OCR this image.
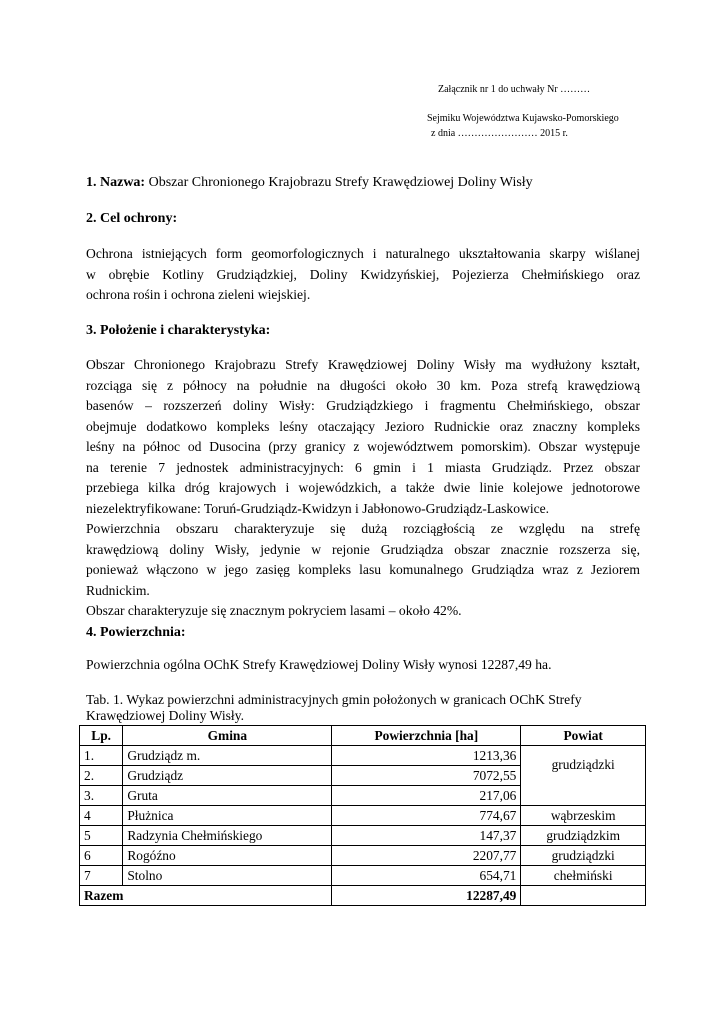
Załącznik nr 1 do uchwały Nr ………
Sejmiku Województwa Kujawsko-Pomorskiego
z dnia …………………… 2015 r.
1. Nazwa: Obszar Chronionego Krajobrazu Strefy Krawędziowej Doliny Wisły
2. Cel ochrony:
Ochrona istniejących form geomorfologicznych i naturalnego ukształtowania skarpy wiślanej
w obrębie Kotliny Grudziądzkiej, Doliny Kwidzyńskiej, Pojezierza Chełmińskiego oraz
ochrona rośin i ochrona zieleni wiejskiej.
3. Położenie i charakterystyka:
Obszar Chronionego Krajobrazu Strefy Krawędziowej Doliny Wisły ma wydłużony kształt,
rozciąga się z północy na południe na długości około 30 km. Poza strefą krawędziową
basenów – rozszerzeń doliny Wisły: Grudziądzkiego i fragmentu Chełmińskiego, obszar
obejmuje dodatkowo kompleks leśny otaczający Jezioro Rudnickie oraz znaczny kompleks
leśny na północ od Dusocina (przy granicy z województwem pomorskim). Obszar występuje
na terenie 7 jednostek administracyjnych: 6 gmin i 1 miasta Grudziądz. Przez obszar
przebiega kilka dróg krajowych i wojewódzkich, a także dwie linie kolejowe jednotorowe
niezelektryfikowane: Toruń-Grudziądz-Kwidzyn i Jabłonowo-Grudziądz-Laskowice.
Powierzchnia obszaru charakteryzuje się dużą rozciągłością ze względu na strefę
krawędziową doliny Wisły, jedynie w rejonie Grudziądza obszar znacznie rozszerza się,
ponieważ włączono w jego zasięg kompleks lasu komunalnego Grudziądza wraz z Jeziorem
Rudnickim.
Obszar charakteryzuje się znacznym pokryciem lasami – około 42%.
4. Powierzchnia:
Powierzchnia ogólna OChK Strefy Krawędziowej Doliny Wisły wynosi 12287,49 ha.
Tab. 1. Wykaz powierzchni administracyjnych gmin położonych w granicach OChK Strefy Krawędziowej Doliny Wisły.
Lp.	Gmina	Powierzchnia [ha]	Powiat
1.	Grudziądz m.	1213,36	grudziądzki
2.	Grudziądz	7072,55	
3.	Gruta	217,06	
4	Płużnica	774,67	wąbrzeskim
5	Radzynia Chełmińskiego	147,37	grudziądzkim
6	Rogóźno	2207,77	grudziądzki
7	Stolno	654,71	chełmiński
Razem		12287,49	
